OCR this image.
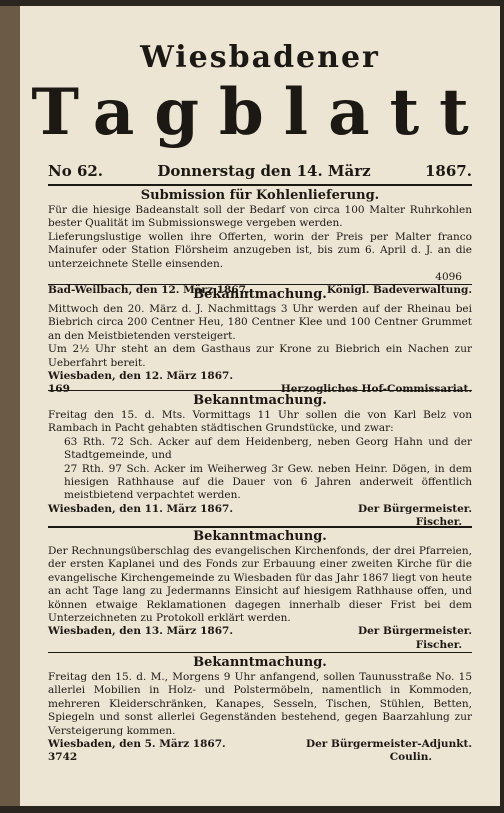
Wiesbadener
Tagblatt
No 62.	Donnerstag den 14. März	1867.
Submission für Kohlenlieferung.

Für die hiesige Badeanstalt soll der Bedarf von circa 100 Malter Ruhrkohlen bester Qualität im Submissionswege vergeben werden.

Lieferungslustige wollen ihre Offerten, worin der Preis per Malter franco Mainufer oder Station Flörsheim anzugeben ist, bis zum 6. April d. J. an die unterzeichnete Stelle einsenden.

4096
Bad-Weilbach, den 12. März 1867.	Königl. Badeverwaltung.
Bekanntmachung.

Mittwoch den 20. März d. J. Nachmittags 3 Uhr werden auf der Rheinau bei Biebrich circa 200 Centner Heu, 180 Centner Klee und 100 Centner Grummet an den Meistbietenden versteigert.

Um 2½ Uhr steht an dem Gasthaus zur Krone zu Biebrich ein Nachen zur Ueberfahrt bereit.

Wiesbaden, den 12. März 1867.
169	Herzogliches Hof-Commissariat.
Bekanntmachung.

Freitag den 15. d. Mts. Vormittags 11 Uhr sollen die von Karl Belz von Rambach in Pacht gehabten städtischen Grundstücke, und zwar:

63 Rth. 72 Sch. Acker auf dem Heidenberg, neben Georg Hahn und der Stadtgemeinde, und

27 Rth. 97 Sch. Acker im Weiherweg 3r Gew. neben Heinr. Dögen, in dem hiesigen Rathhause auf die Dauer von 6 Jahren anderweit öffentlich meistbietend verpachtet werden.

Wiesbaden, den 11. März 1867.	Der Bürgermeister.
Fischer.
Bekanntmachung.

Der Rechnungsüberschlag des evangelischen Kirchenfonds, der drei Pfarreien, der ersten Kaplanei und des Fonds zur Erbauung einer zweiten Kirche für die evangelische Kirchengemeinde zu Wiesbaden für das Jahr 1867 liegt von heute an acht Tage lang zu Jedermanns Einsicht auf hiesigem Rathhause offen, und können etwaige Reklamationen dagegen innerhalb dieser Frist bei dem Unterzeichneten zu Protokoll erklärt werden.

Wiesbaden, den 13. März 1867.	Der Bürgermeister.
Fischer.
Bekanntmachung.

Freitag den 15. d. M., Morgens 9 Uhr anfangend, sollen Taunusstraße No. 15 allerlei Mobilien in Holz- und Polstermöbeln, namentlich in Kommoden, mehreren Kleiderschränken, Kanapes, Sesseln, Tischen, Stühlen, Betten, Spiegeln und sonst allerlei Gegenständen bestehend, gegen Baarzahlung zur Versteigerung kommen.

Wiesbaden, den 5. März 1867.	Der Bürgermeister-Adjunkt.
3742	Coulin.
